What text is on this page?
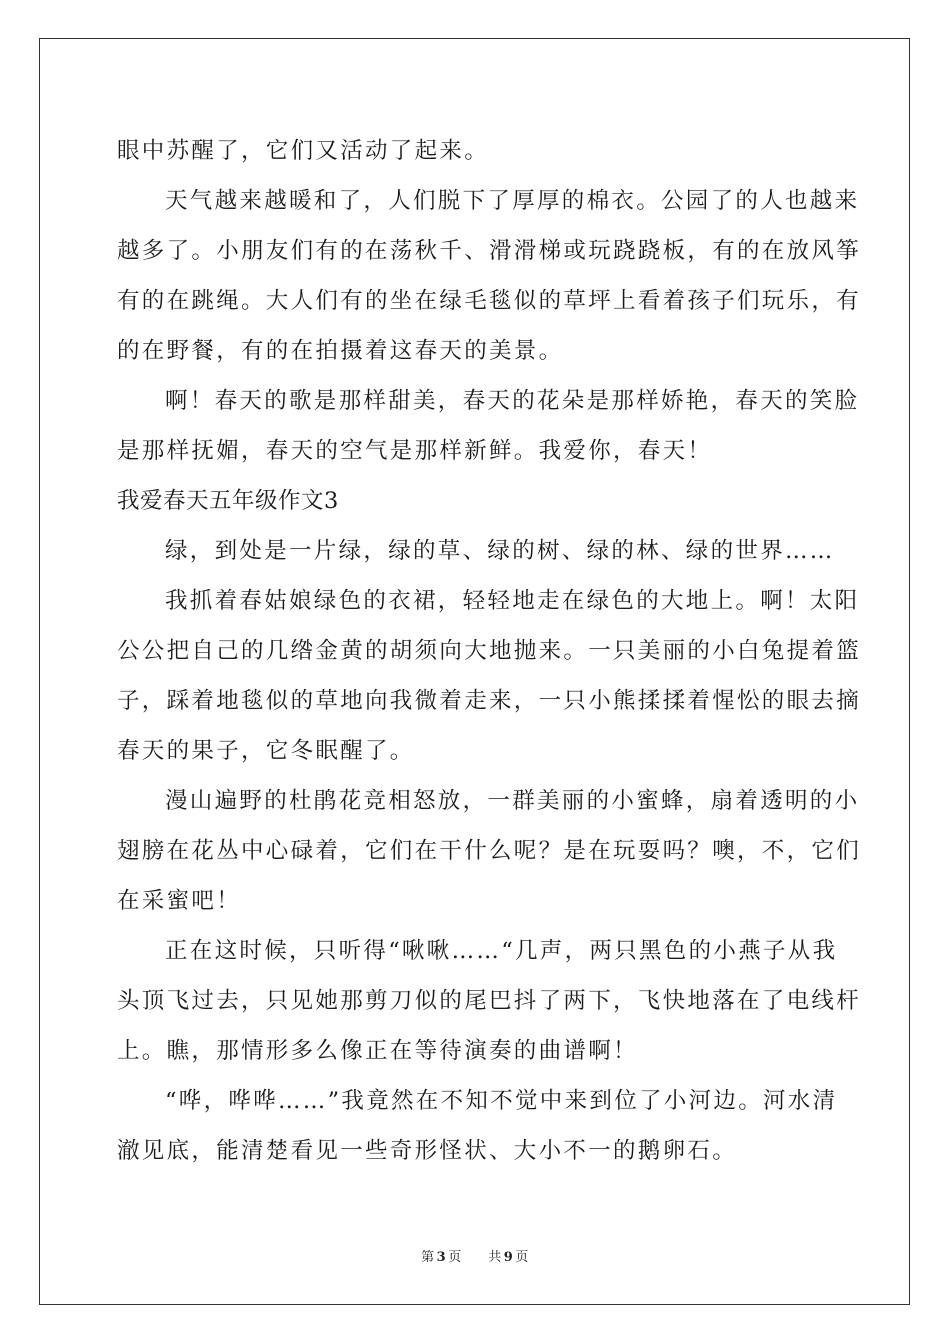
眼中苏醒了，它们又活动了起来。
天气越来越暖和了，人们脱下了厚厚的棉衣。公园了的人也越来
越多了。小朋友们有的在荡秋千、滑滑梯或玩跷跷板，有的在放风筝
有的在跳绳。大人们有的坐在绿毛毯似的草坪上看着孩子们玩乐，有
的在野餐，有的在拍摄着这春天的美景。
啊！春天的歌是那样甜美，春天的花朵是那样娇艳，春天的笑脸
是那样抚媚，春天的空气是那样新鲜。我爱你，春天！
我爱春天五年级作文3
绿，到处是一片绿，绿的草、绿的树、绿的林、绿的世界……
我抓着春姑娘绿色的衣裙，轻轻地走在绿色的大地上。啊！太阳
公公把自己的几绺金黄的胡须向大地抛来。一只美丽的小白兔提着篮
子，踩着地毯似的草地向我微着走来，一只小熊揉揉着惺忪的眼去摘
春天的果子，它冬眠醒了。
漫山遍野的杜鹃花竞相怒放，一群美丽的小蜜蜂，扇着透明的小
翅膀在花丛中心碌着，它们在干什么呢？是在玩耍吗？噢，不，它们
在采蜜吧！
正在这时候，只听得“啾啾……“几声，两只黑色的小燕子从我
头顶飞过去，只见她那剪刀似的尾巴抖了两下，飞快地落在了电线杆
上。瞧，那情形多么像正在等待演奏的曲谱啊！
“哗，哗哗……”我竟然在不知不觉中来到位了小河边。河水清
澈见底，能清楚看见一些奇形怪状、大小不一的鹅卵石。
第 3 页 共 9 页
